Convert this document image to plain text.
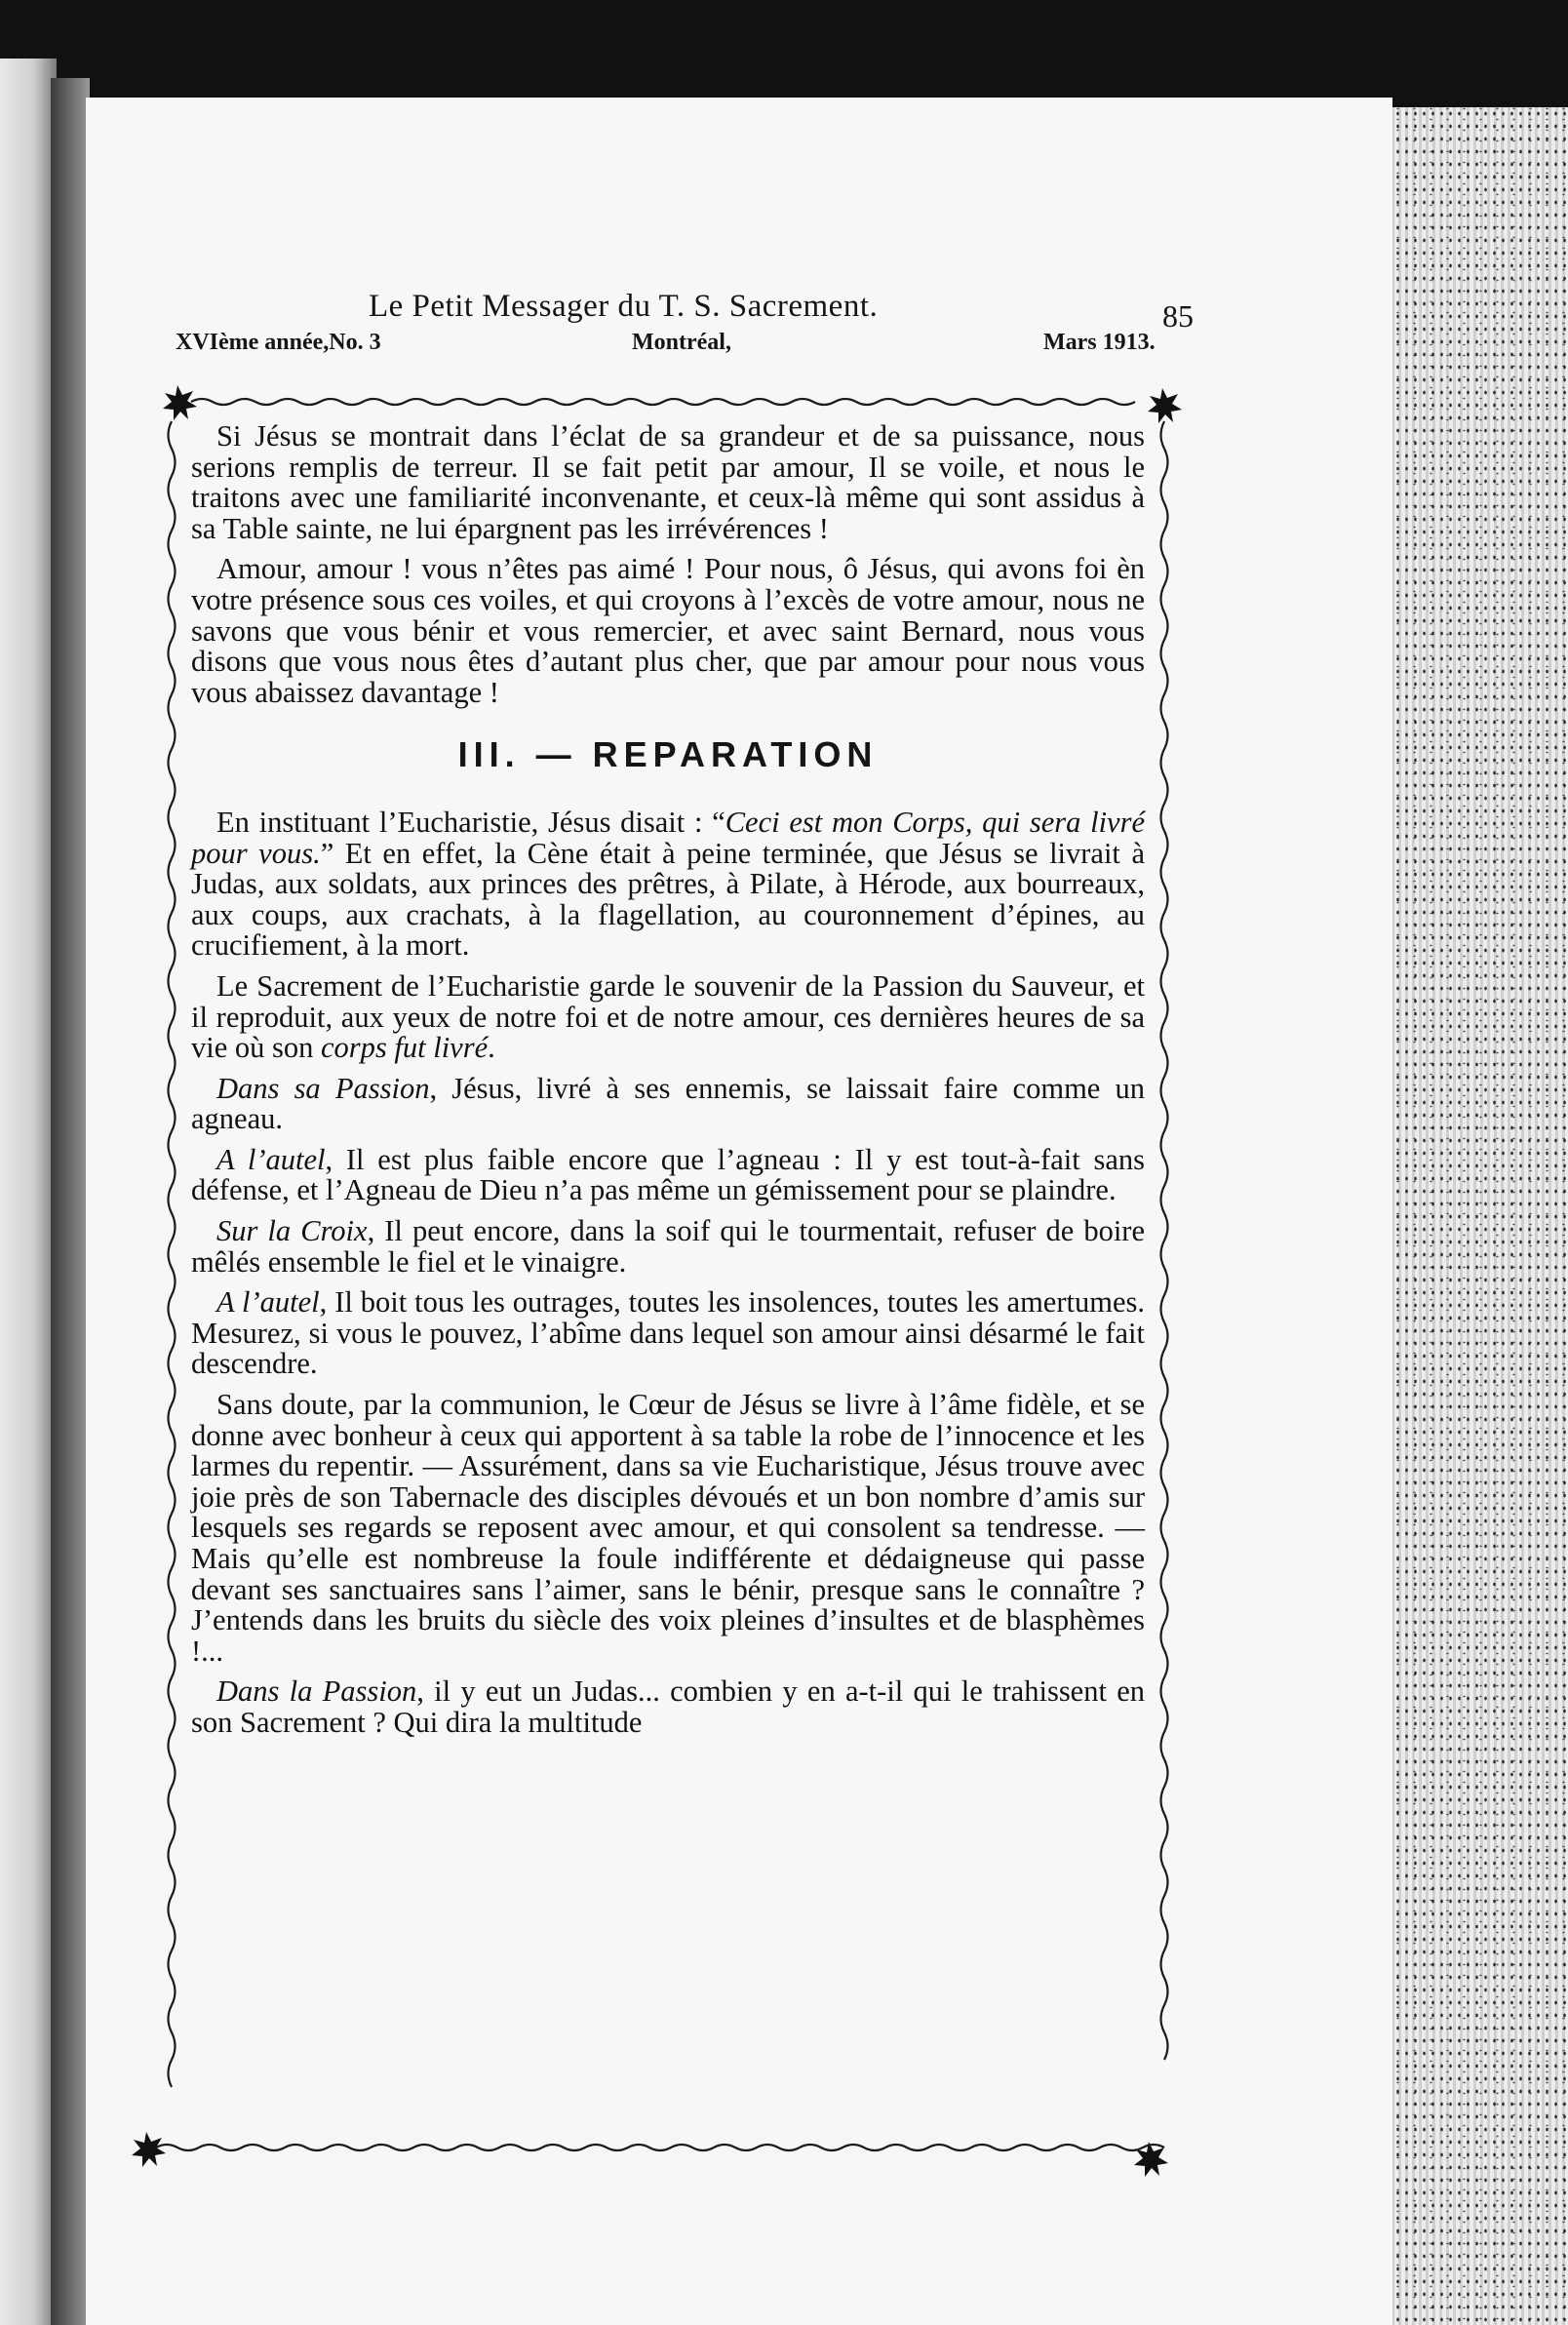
Le Petit Messager du T. S. Sacrement.	85
XVIème année,No. 3	Montréal,	Mars 1913.

Si Jésus se montrait dans l’éclat de sa grandeur et de sa puissance, nous serions remplis de terreur. Il se fait petit par amour, Il se voile, et nous le traitons avec une familiarité inconvenante, et ceux-là même qui sont assidus à sa Table sainte, ne lui épargnent pas les irrévérences !

Amour, amour ! vous n’êtes pas aimé ! Pour nous, ô Jésus, qui avons foi èn votre présence sous ces voiles, et qui croyons à l’excès de votre amour, nous ne savons que vous bénir et vous remercier, et avec saint Bernard, nous vous disons que vous nous êtes d’autant plus cher, que par amour pour nous vous vous abaissez davantage !

III. — REPARATION

En instituant l’Eucharistie, Jésus disait : “Ceci est mon Corps, qui sera livré pour vous.” Et en effet, la Cène était à peine terminée, que Jésus se livrait à Judas, aux soldats, aux princes des prêtres, à Pilate, à Hérode, aux bourreaux, aux coups, aux crachats, à la flagellation, au couronnement d’épines, au crucifiement, à la mort.

Le Sacrement de l’Eucharistie garde le souvenir de la Passion du Sauveur, et il reproduit, aux yeux de notre foi et de notre amour, ces dernières heures de sa vie où son corps fut livré.

Dans sa Passion, Jésus, livré à ses ennemis, se laissait faire comme un agneau.

A l’autel, Il est plus faible encore que l’agneau : Il y est tout-à-fait sans défense, et l’Agneau de Dieu n’a pas même un gémissement pour se plaindre.

Sur la Croix, Il peut encore, dans la soif qui le tourmentait, refuser de boire mêlés ensemble le fiel et le vinaigre.

A l’autel, Il boit tous les outrages, toutes les insolences, toutes les amertumes. Mesurez, si vous le pouvez, l’abîme dans lequel son amour ainsi désarmé le fait descendre.

Sans doute, par la communion, le Cœur de Jésus se livre à l’âme fidèle, et se donne avec bonheur à ceux qui apportent à sa table la robe de l’innocence et les larmes du repentir. — Assurément, dans sa vie Eucharistique, Jésus trouve avec joie près de son Tabernacle des disciples dévoués et un bon nombre d’amis sur lesquels ses regards se reposent avec amour, et qui consolent sa tendresse. — Mais qu’elle est nombreuse la foule indifférente et dédaigneuse qui passe devant ses sanctuaires sans l’aimer, sans le bénir, presque sans le connaître ? J’entends dans les bruits du siècle des voix pleines d’insultes et de blasphèmes !...

Dans la Passion, il y eut un Judas... combien y en a-t-il qui le trahissent en son Sacrement ? Qui dira la multitude
